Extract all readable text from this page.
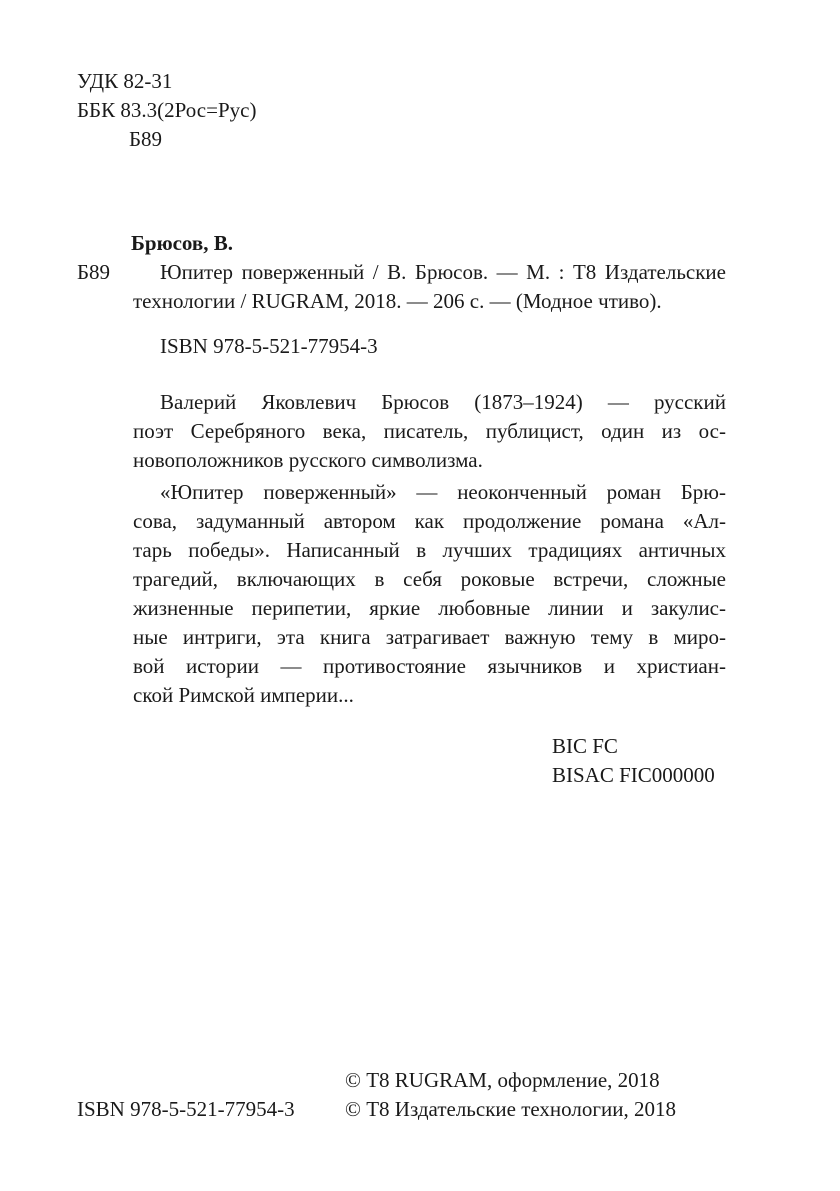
УДК 82-31
ББК 83.3(2Рос=Рус)
Б89
Брюсов, В.
Б89 Юпитер поверженный / В. Брюсов. — М. : Т8 Издательские
технологии / RUGRAM, 2018. — 206 с. — (Модное чтиво).
ISBN 978-5-521-77954-3
Валерий Яковлевич Брюсов (1873–1924) — русский
поэт Серебряного века, писатель, публицист, один из ос-
новоположников русского символизма.
«Юпитер поверженный» — неоконченный роман Брю-
сова, задуманный автором как продолжение романа «Ал-
тарь победы». Написанный в лучших традициях античных
трагедий, включающих в себя роковые встречи, сложные
жизненные перипетии, яркие любовные линии и закулис-
ные интриги, эта книга затрагивает важную тему в миро-
вой истории — противостояние язычников и христиан-
ской Римской империи...
BIC FC
BISAC FIC000000
© Т8 RUGRAM, оформление, 2018
ISBN 978-5-521-77954-3 © Т8 Издательские технологии, 2018
